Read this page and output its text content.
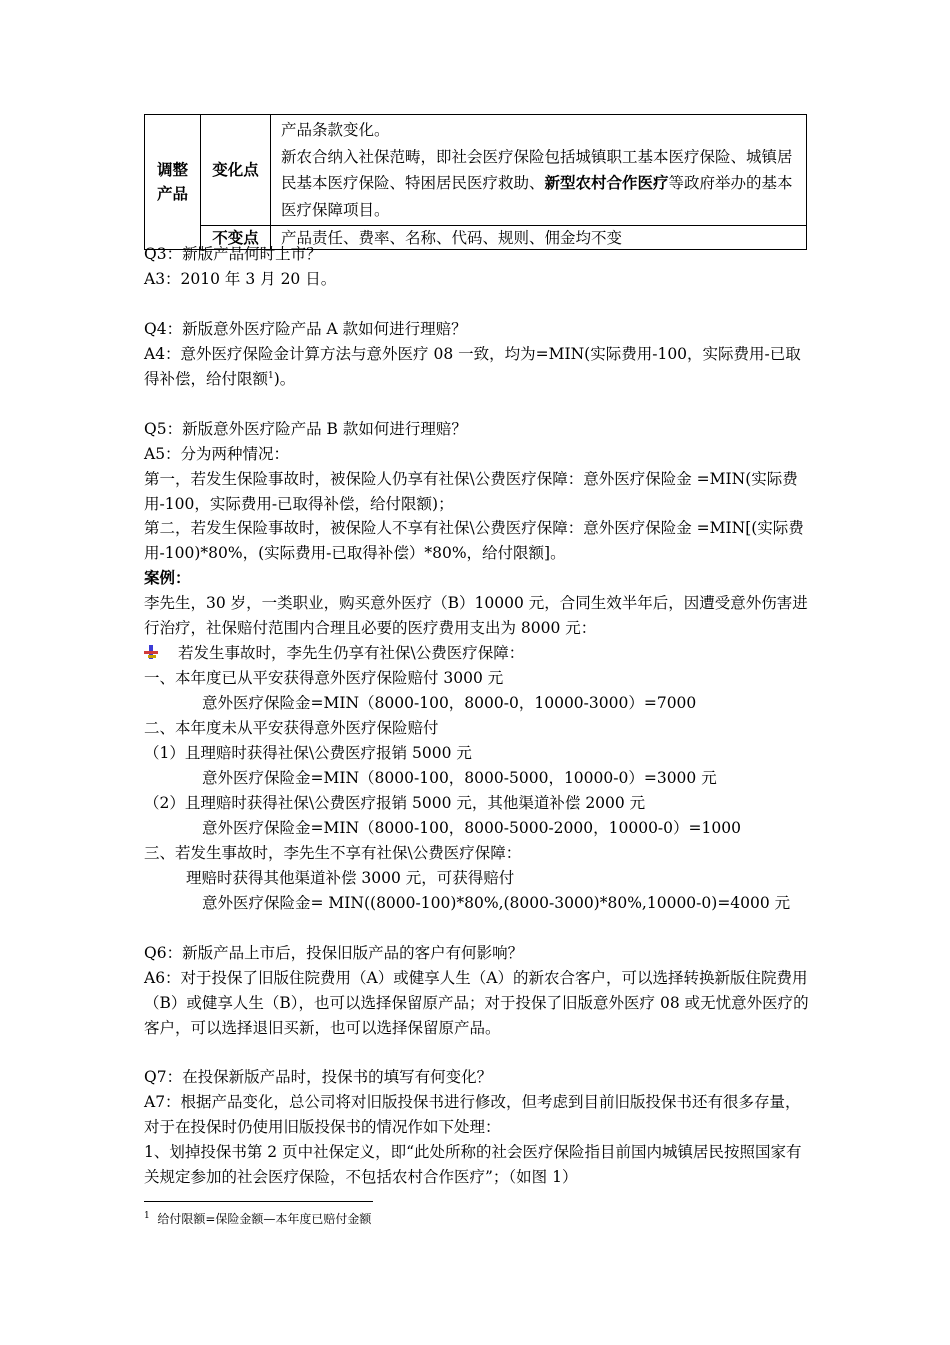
调整产品	变化点	产品条款变化。
新农合纳入社保范畴，即社会医疗保险包括城镇职工基本医疗保险、城镇居民基本医疗保险、特困居民医疗救助、新型农村合作医疗等政府举办的基本医疗保障项目。

	不变点	产品责任、费率、名称、代码、规则、佣金均不变

Q3：新版产品何时上市？

A3：2010 年 3 月 20 日。

Q4：新版意外医疗险产品 A 款如何进行理赔？

A4：意外医疗保险金计算方法与意外医疗 08 一致，均为=MIN(实际费用-100，实际费用-已取得补偿，给付限额$^1$)。

Q5：新版意外医疗险产品 B 款如何进行理赔？

A5：分为两种情况：

第一，若发生保险事故时，被保险人仍享有社保\公费医疗保障：意外医疗保险金 =MIN(实际费用-100，实际费用-已取得补偿，给付限额)；

第二，若发生保险事故时，被保险人不享有社保\公费医疗保障：意外医疗保险金 =MIN[(实际费用-100)*80%，(实际费用-已取得补偿）*80%，给付限额]。

案例：

李先生，30 岁，一类职业，购买意外医疗（B）10000 元，合同生效半年后，因遭受意外伤害进行治疗，社保赔付范围内合理且必要的医疗费用支出为 8000 元：

若发生事故时，李先生仍享有社保\公费医疗保障：

一、本年度已从平安获得意外医疗保险赔付 3000 元

意外医疗保险金=MIN（8000-100，8000-0，10000-3000）=7000

二、本年度未从平安获得意外医疗保险赔付

（1）且理赔时获得社保\公费医疗报销 5000 元

意外医疗保险金=MIN（8000-100，8000-5000，10000-0）=3000 元

（2）且理赔时获得社保\公费医疗报销 5000 元，其他渠道补偿 2000 元

意外医疗保险金=MIN（8000-100，8000-5000-2000，10000-0）=1000

三、若发生事故时，李先生不享有社保\公费医疗保障：

理赔时获得其他渠道补偿 3000 元，可获得赔付

意外医疗保险金= MIN((8000-100)*80%,(8000-3000)*80%,10000-0)=4000 元

Q6：新版产品上市后，投保旧版产品的客户有何影响？

A6：对于投保了旧版住院费用（A）或健享人生（A）的新农合客户，可以选择转换新版住院费用（B）或健享人生（B），也可以选择保留原产品；对于投保了旧版意外医疗 08 或无忧意外医疗的客户，可以选择退旧买新，也可以选择保留原产品。

Q7：在投保新版产品时，投保书的填写有何变化？

A7：根据产品变化，总公司将对旧版投保书进行修改，但考虑到目前旧版投保书还有很多存量，对于在投保时仍使用旧版投保书的情况作如下处理：

1、划掉投保书第 2 页中社保定义，即“此处所称的社会医疗保险指目前国内城镇居民按照国家有关规定参加的社会医疗保险，不包括农村合作医疗”；（如图 1）

$^1$ 给付限额=保险金额—本年度已赔付金额
